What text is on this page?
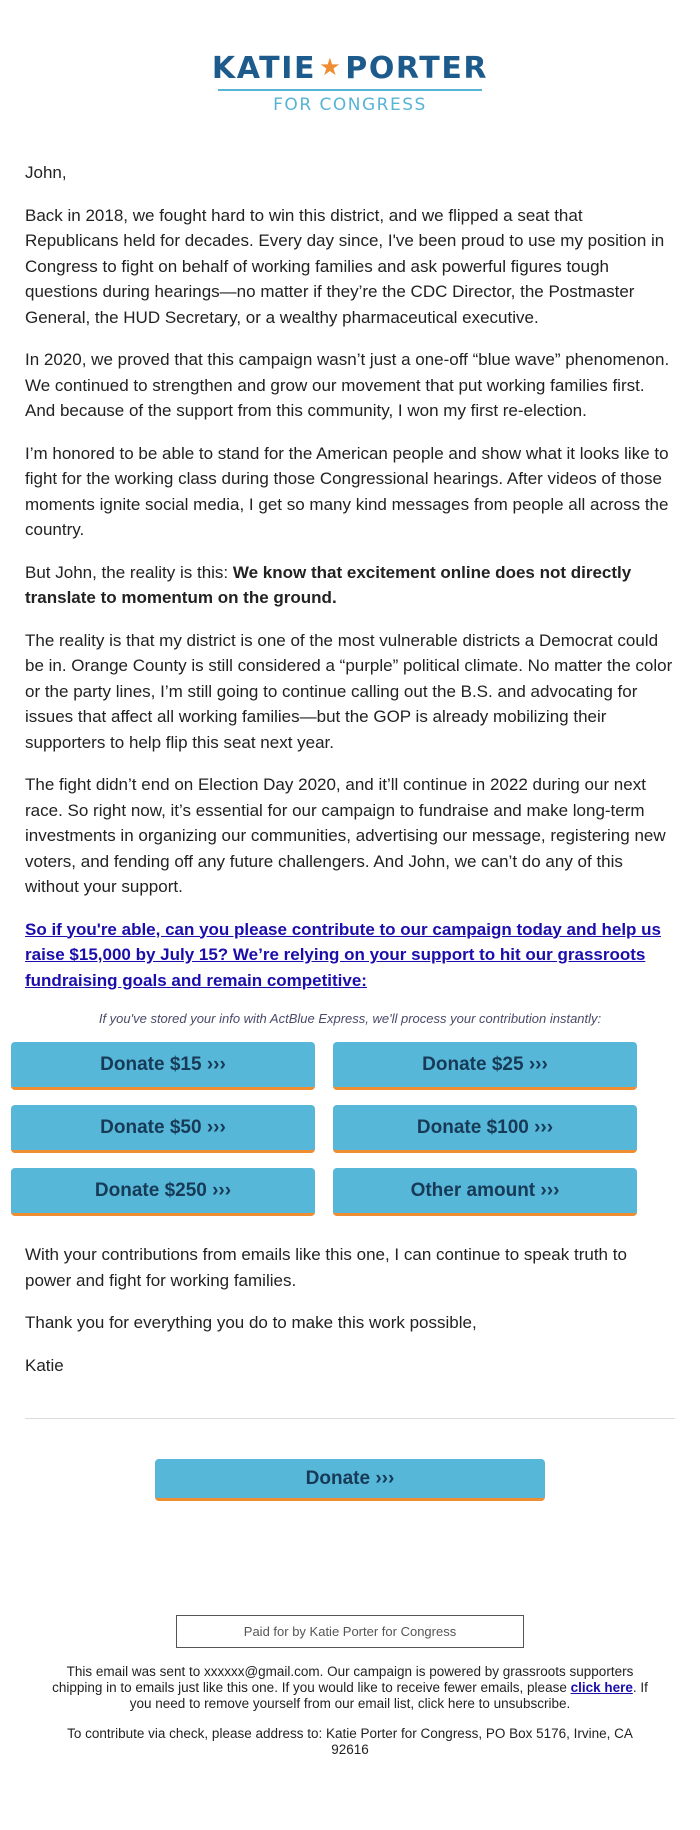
KATIE ★ PORTER
FOR CONGRESS

John,

Back in 2018, we fought hard to win this district, and we flipped a seat that Republicans held for decades. Every day since, I've been proud to use my position in Congress to fight on behalf of working families and ask powerful figures tough questions during hearings—no matter if they’re the CDC Director, the Postmaster General, the HUD Secretary, or a wealthy pharmaceutical executive.

In 2020, we proved that this campaign wasn’t just a one-off “blue wave” phenomenon. We continued to strengthen and grow our movement that put working families first. And because of the support from this community, I won my first re-election.

I’m honored to be able to stand for the American people and show what it looks like to fight for the working class during those Congressional hearings. After videos of those moments ignite social media, I get so many kind messages from people all across the country.

But John, the reality is this: We know that excitement online does not directly translate to momentum on the ground.

The reality is that my district is one of the most vulnerable districts a Democrat could be in. Orange County is still considered a “purple” political climate. No matter the color or the party lines, I’m still going to continue calling out the B.S. and advocating for issues that affect all working families—but the GOP is already mobilizing their supporters to help flip this seat next year.

The fight didn’t end on Election Day 2020, and it’ll continue in 2022 during our next race. So right now, it’s essential for our campaign to fundraise and make long-term investments in organizing our communities, advertising our message, registering new voters, and fending off any future challengers. And John, we can’t do any of this without your support.

So if you're able, can you please contribute to our campaign today and help us raise $15,000 by July 15? We’re relying on your support to hit our grassroots fundraising goals and remain competitive:

If you've stored your info with ActBlue Express, we'll process your contribution instantly:
Donate $15 ›››	Donate $25 ›››
Donate $50 ›››	Donate $100 ›››
Donate $250 ›››	Other amount ›››

With your contributions from emails like this one, I can continue to speak truth to power and fight for working families.

Thank you for everything you do to make this work possible,

Katie

Donate ›››
Paid for by Katie Porter for Congress

This email was sent to xxxxxx@gmail.com. Our campaign is powered by grassroots supporters chipping in to emails just like this one. If you would like to receive fewer emails, please click here. If you need to remove yourself from our email list, click here to unsubscribe.

To contribute via check, please address to: Katie Porter for Congress, PO Box 5176, Irvine, CA 92616
